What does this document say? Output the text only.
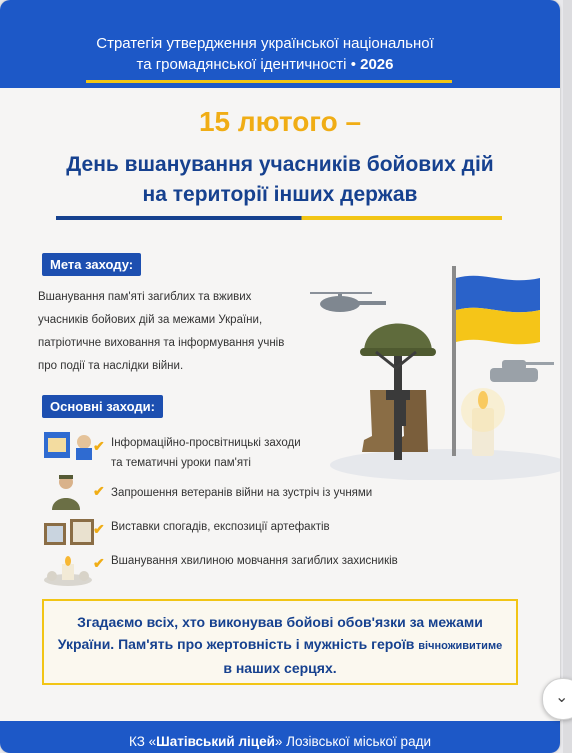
Стратегія утвердження української національної
та громадянської ідентичності • 2026
15 лютого –
День вшанування учасників бойових дій
на території інших держав
Мета заходу:
Вшанування пам'яті загиблих та вживих
учасників бойових дій за межами України,
патріотичне виховання та інформування учнів
про події та наслідки війни.
Основні заходи:
✔ Інформаційно-просвітницькі заходи
та тематичні уроки пам'яті
✔ Запрошення ветеранів війни на зустріч із учнями
✔ Виставки спогадів, експозиції артефактів
✔ Вшанування хвилиною мовчання загиблих захисників
Згадаємо всіх, хто виконував бойові обов'язки за межами
України. Пам'ять про жертовність і мужність героїв вічноживитиме
в наших серцях.
КЗ «Шатівський ліцей» Лозівської міської ради
⌄
